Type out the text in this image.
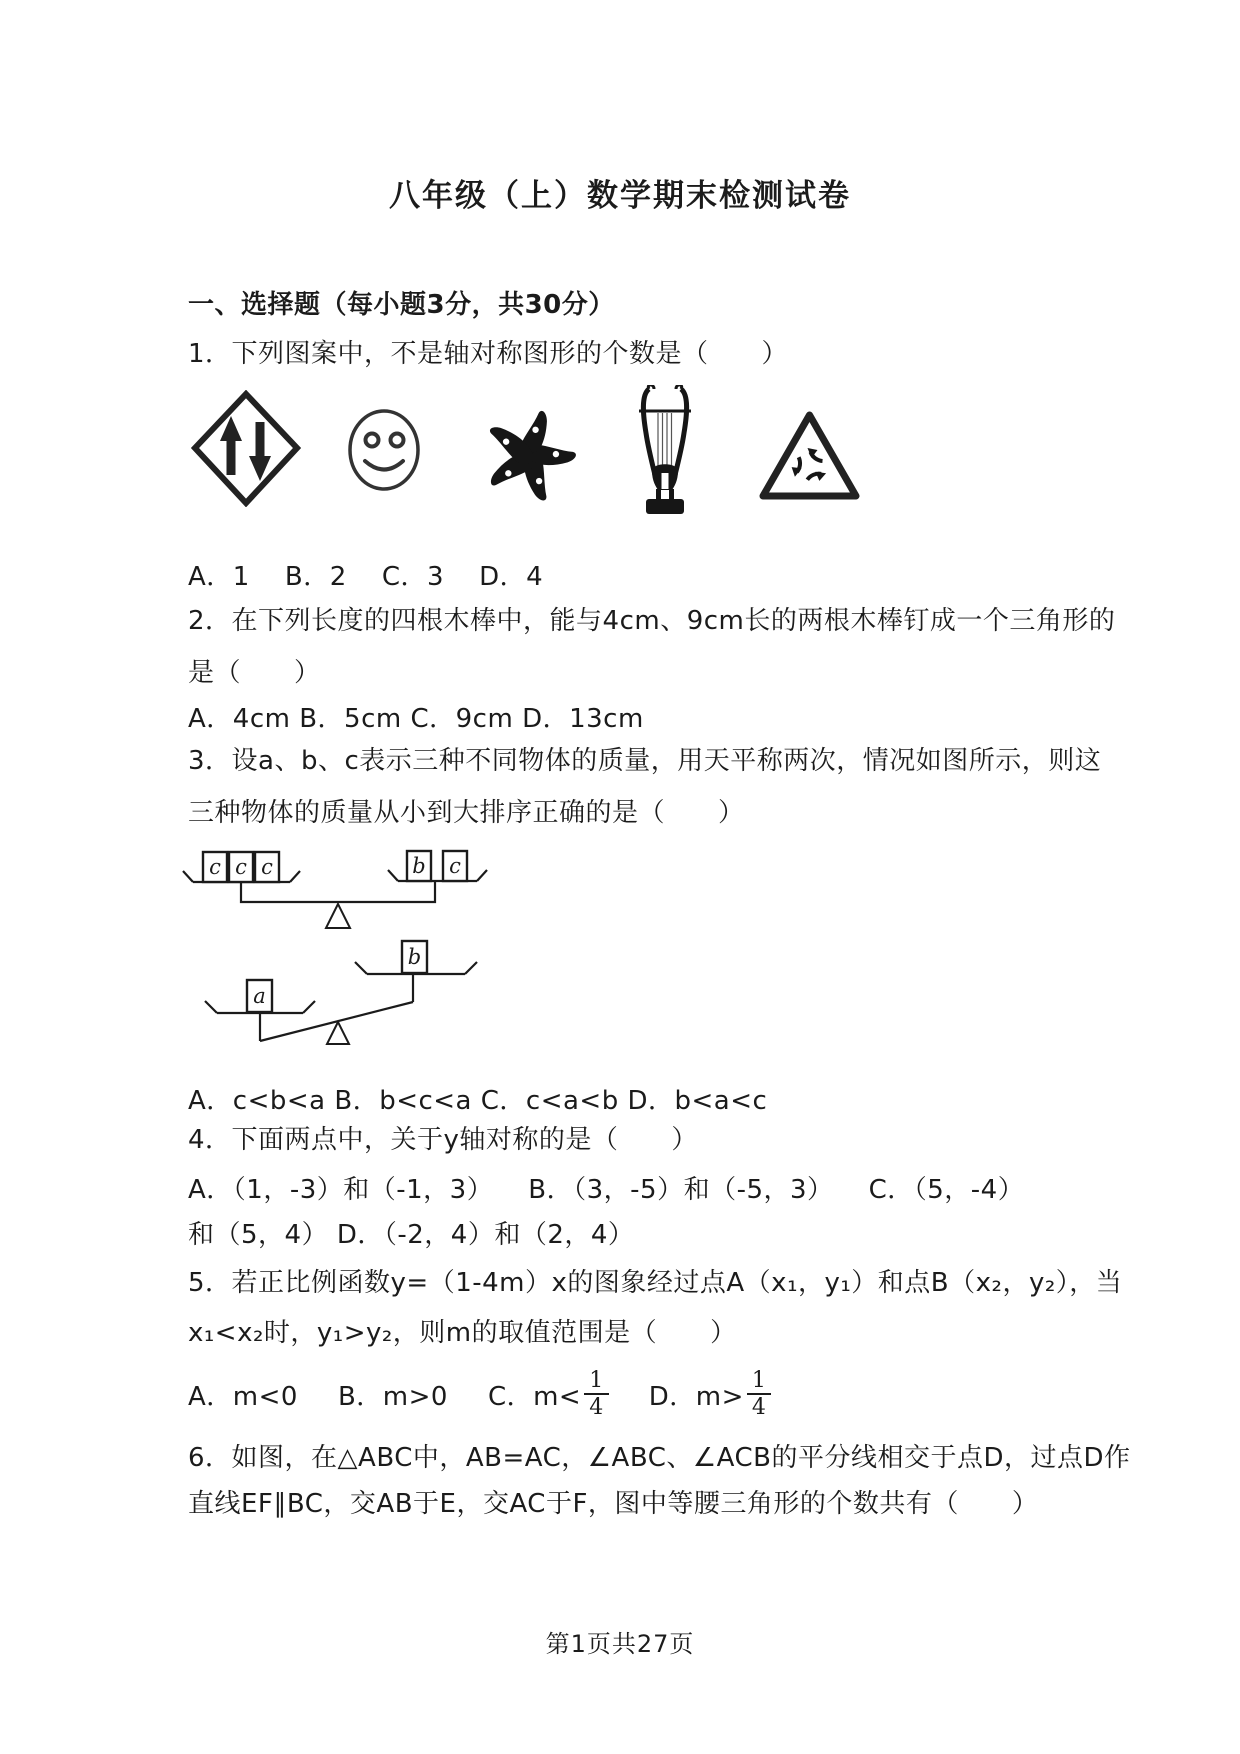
八年级（上）数学期末检测试卷
一、选择题（每小题3分，共30分）
1．下列图案中，不是轴对称图形的个数是（　　）
A．1    B．2    C．3    D．4
2．在下列长度的四根木棒中，能与4cm、9cm长的两根木棒钉成一个三角形的
是（　　）
A．4cm B．5cm C．9cm D．13cm
3．设a、b、c表示三种不同物体的质量，用天平称两次，情况如图所示，则这
三种物体的质量从小到大排序正确的是（　　）
c c c	b c
b
a
A．c<b<a B．b<c<a C．c<a<b D．b<a<c
4．下面两点中，关于y轴对称的是（　　）
A．（1，-3）和（-1，3）    B．（3，-5）和（-5，3）    C．（5，-4）
和（5，4） D．（-2，4）和（2，4）
5．若正比例函数y=（1-4m）x的图象经过点A（x₁，y₁）和点B（x₂，y₂），当
x₁<x₂时，y₁>y₂，则m的取值范围是（　　）
A．m<0 B．m>0 C．$m< \frac{1}{4}$ D．$m> \frac{1}{4}$
6．如图，在△ABC中，AB=AC，∠ABC、∠ACB的平分线相交于点D，过点D作
直线EF∥BC，交AB于E，交AC于F，图中等腰三角形的个数共有（　　）
第1页共27页
